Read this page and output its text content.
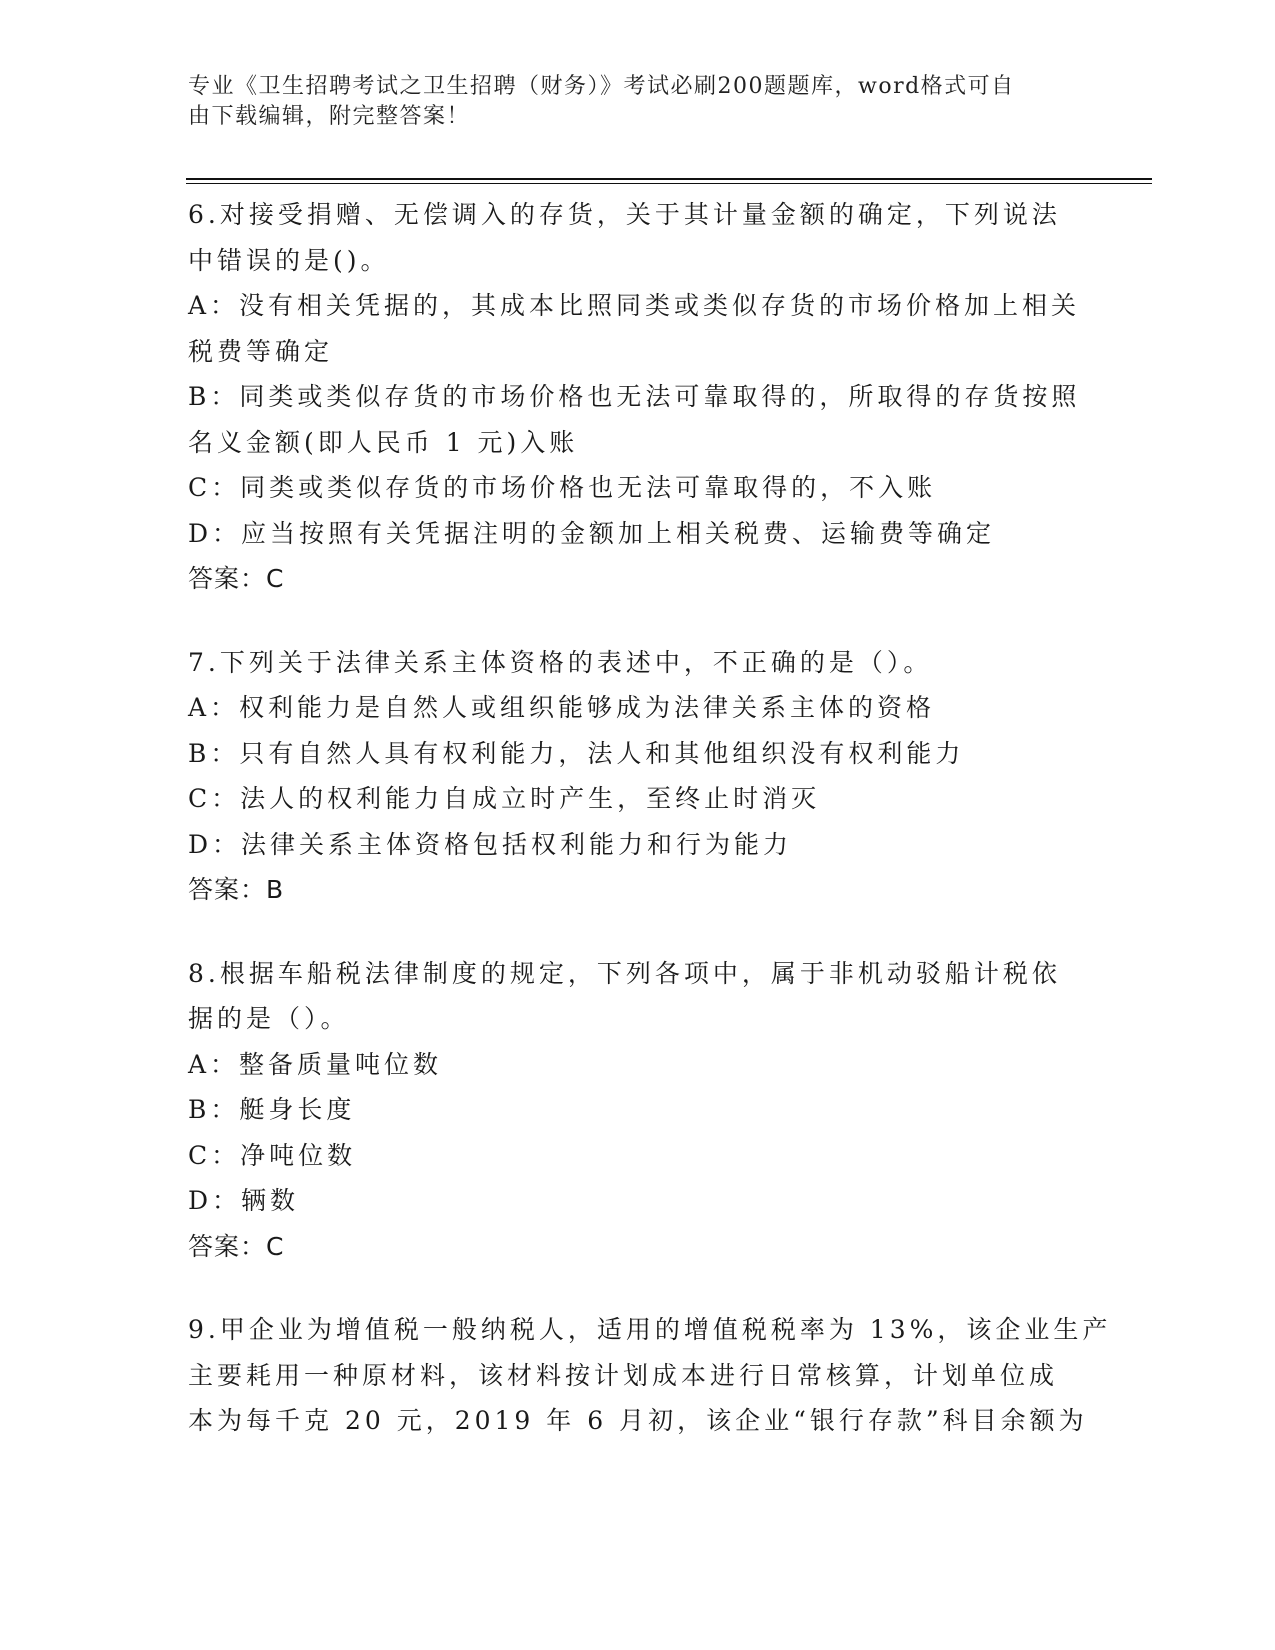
专业《卫生招聘考试之卫生招聘（财务）》考试必刷200题题库，word格式可自
由下载编辑，附完整答案！
6.对接受捐赠、无偿调入的存货，关于其计量金额的确定，下列说法
中错误的是()。
A：没有相关凭据的，其成本比照同类或类似存货的市场价格加上相关
税费等确定
B：同类或类似存货的市场价格也无法可靠取得的，所取得的存货按照
名义金额(即人民币 1 元)入账
C：同类或类似存货的市场价格也无法可靠取得的，不入账
D：应当按照有关凭据注明的金额加上相关税费、运输费等确定
答案：C
7.下列关于法律关系主体资格的表述中，不正确的是（）。
A：权利能力是自然人或组织能够成为法律关系主体的资格
B：只有自然人具有权利能力，法人和其他组织没有权利能力
C：法人的权利能力自成立时产生，至终止时消灭
D：法律关系主体资格包括权利能力和行为能力
答案：B
8.根据车船税法律制度的规定，下列各项中，属于非机动驳船计税依
据的是（）。
A：整备质量吨位数
B：艇身长度
C：净吨位数
D：辆数
答案：C
9.甲企业为增值税一般纳税人，适用的增值税税率为 13%，该企业生产
主要耗用一种原材料，该材料按计划成本进行日常核算，计划单位成
本为每千克 20 元，2019 年 6 月初，该企业“银行存款”科目余额为
